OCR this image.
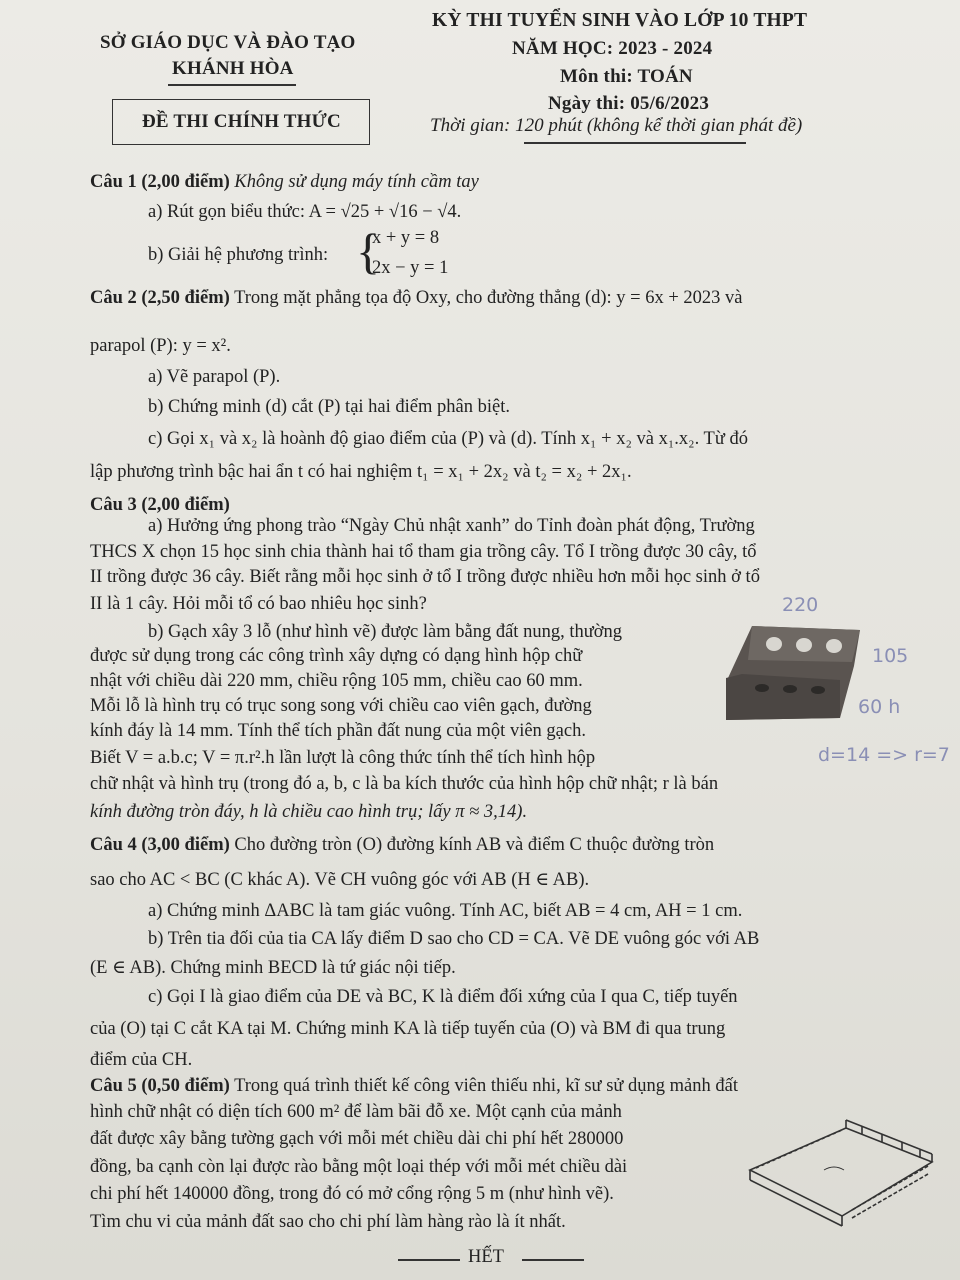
SỞ GIÁO DỤC VÀ ĐÀO TẠO
KHÁNH HÒA
ĐỀ THI CHÍNH THỨC
KỲ THI TUYỂN SINH VÀO LỚP 10 THPT
NĂM HỌC: 2023 - 2024
Môn thi: TOÁN
Ngày thi: 05/6/2023
Thời gian: 120 phút (không kể thời gian phát đề)
Câu 1 (2,00 điểm) Không sử dụng máy tính cầm tay
a) Rút gọn biểu thức: A = √25 + √16 − √4.
b) Giải hệ phương trình: {
x + y = 8
2x − y = 1
Câu 2 (2,50 điểm) Trong mặt phẳng tọa độ Oxy, cho đường thẳng (d): y = 6x + 2023 và
parapol (P): y = x².
a) Vẽ parapol (P).
b) Chứng minh (d) cắt (P) tại hai điểm phân biệt.
c) Gọi x₁ và x₂ là hoành độ giao điểm của (P) và (d). Tính x₁ + x₂ và x₁.x₂. Từ đó
lập phương trình bậc hai ẩn t có hai nghiệm t₁ = x₁ + 2x₂ và t₂ = x₂ + 2x₁.
Câu 3 (2,00 điểm)
a) Hưởng ứng phong trào “Ngày Chủ nhật xanh” do Tỉnh đoàn phát động, Trường
THCS X chọn 15 học sinh chia thành hai tổ tham gia trồng cây. Tổ I trồng được 30 cây, tổ
II trồng được 36 cây. Biết rằng mỗi học sinh ở tổ I trồng được nhiều hơn mỗi học sinh ở tổ
II là 1 cây. Hỏi mỗi tổ có bao nhiêu học sinh?
b) Gạch xây 3 lỗ (như hình vẽ) được làm bằng đất nung, thường
được sử dụng trong các công trình xây dựng có dạng hình hộp chữ
nhật với chiều dài 220 mm, chiều rộng 105 mm, chiều cao 60 mm.
Mỗi lỗ là hình trụ có trục song song với chiều cao viên gạch, đường
kính đáy là 14 mm. Tính thể tích phần đất nung của một viên gạch.
Biết V = a.b.c; V = π.r².h lần lượt là công thức tính thể tích hình hộp
chữ nhật và hình trụ (trong đó a, b, c là ba kích thước của hình hộp chữ nhật; r là bán
kính đường tròn đáy, h là chiều cao hình trụ; lấy π ≈ 3,14).
220
105
60 h
d=14 => r=7
Câu 4 (3,00 điểm) Cho đường tròn (O) đường kính AB và điểm C thuộc đường tròn
sao cho AC < BC (C khác A). Vẽ CH vuông góc với AB (H ∈ AB).
a) Chứng minh ΔABC là tam giác vuông. Tính AC, biết AB = 4 cm, AH = 1 cm.
b) Trên tia đối của tia CA lấy điểm D sao cho CD = CA. Vẽ DE vuông góc với AB
(E ∈ AB). Chứng minh BECD là tứ giác nội tiếp.
c) Gọi I là giao điểm của DE và BC, K là điểm đối xứng của I qua C, tiếp tuyến
của (O) tại C cắt KA tại M. Chứng minh KA là tiếp tuyến của (O) và BM đi qua trung
điểm của CH.
Câu 5 (0,50 điểm) Trong quá trình thiết kế công viên thiếu nhi, kĩ sư sử dụng mảnh đất
hình chữ nhật có diện tích 600 m² để làm bãi đỗ xe. Một cạnh của mảnh
đất được xây bằng tường gạch với mỗi mét chiều dài chi phí hết 280000
đồng, ba cạnh còn lại được rào bằng một loại thép với mỗi mét chiều dài
chi phí hết 140000 đồng, trong đó có mở cổng rộng 5 m (như hình vẽ).
Tìm chu vi của mảnh đất sao cho chi phí làm hàng rào là ít nhất.
HẾT
